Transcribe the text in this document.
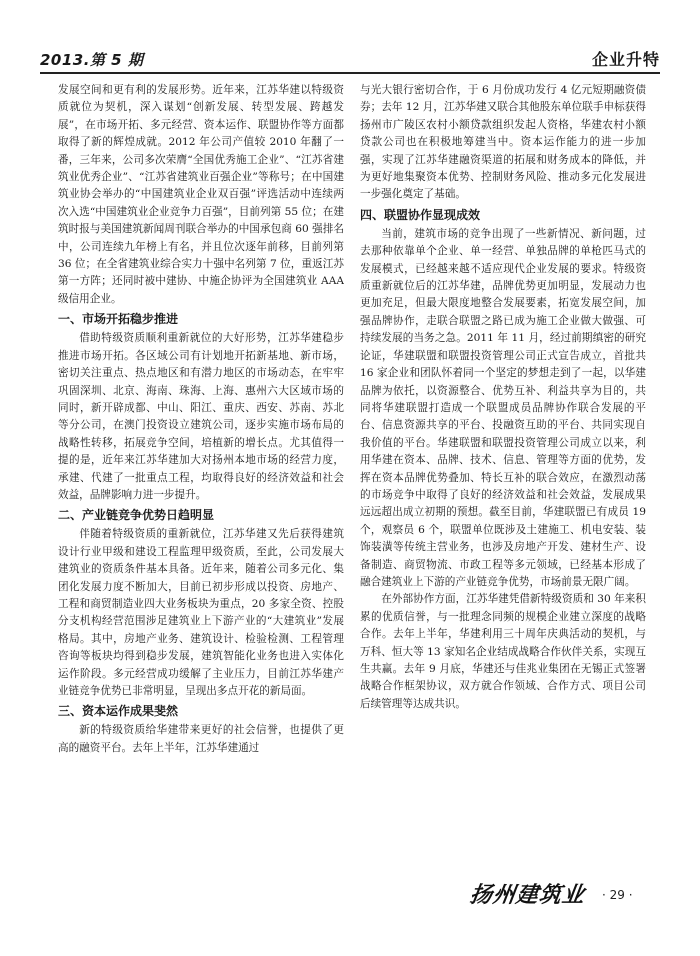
2013.第 5 期	企业升特

发展空间和更有利的发展形势。近年来，江苏华建以特级资质就位为契机，深入谋划“创新发展、转型发展、跨越发展”，在市场开拓、多元经营、资本运作、联盟协作等方面都取得了新的辉煌成就。2012 年公司产值较 2010 年翻了一番，三年来，公司多次荣膺“全国优秀施工企业”、“江苏省建筑业优秀企业”、“江苏省建筑业百强企业”等称号；在中国建筑业协会举办的“中国建筑业企业双百强”评选活动中连续两次入选“中国建筑业企业竞争力百强”，目前列第 55 位；在建筑时报与美国建筑新闻周刊联合举办的中国承包商 60 强排名中，公司连续九年榜上有名，并且位次逐年前移，目前列第 36 位；在全省建筑业综合实力十强中名列第 7 位，重返江苏第一方阵；还同时被中建协、中施企协评为全国建筑业 AAA 级信用企业。

一、市场开拓稳步推进

借助特级资质顺利重新就位的大好形势，江苏华建稳步推进市场开拓。各区域公司有计划地开拓新基地、新市场，密切关注重点、热点地区和有潜力地区的市场动态，在牢牢巩固深圳、北京、海南、珠海、上海、惠州六大区域市场的同时，新开辟成都、中山、阳江、重庆、西安、苏南、苏北等分公司，在澳门投资设立建筑公司，逐步实施市场布局的战略性转移，拓展竞争空间，培植新的增长点。尤其值得一提的是，近年来江苏华建加大对扬州本地市场的经营力度，承建、代建了一批重点工程，均取得良好的经济效益和社会效益，品牌影响力进一步提升。

二、产业链竞争优势日趋明显

伴随着特级资质的重新就位，江苏华建又先后获得建筑设计行业甲级和建设工程监理甲级资质，至此，公司发展大建筑业的资质条件基本具备。近年来，随着公司多元化、集团化发展力度不断加大，目前已初步形成以投资、房地产、工程和商贸制造业四大业务板块为重点，20 多家全资、控股分支机构经营范围涉足建筑业上下游产业的“大建筑业”发展格局。其中，房地产业务、建筑设计、检验检测、工程管理咨询等板块均得到稳步发展，建筑智能化业务也进入实体化运作阶段。多元经营成功缓解了主业压力，目前江苏华建产业链竞争优势已非常明显，呈现出多点开花的新局面。

三、资本运作成果斐然

新的特级资质给华建带来更好的社会信誉，也提供了更高的融资平台。去年上半年，江苏华建通过

与光大银行密切合作，于 6 月份成功发行 4 亿元短期融资债券；去年 12 月，江苏华建又联合其他股东单位联手申标获得扬州市广陵区农村小额贷款组织发起人资格，华建农村小额贷款公司也在积极地筹建当中。资本运作能力的进一步加强，实现了江苏华建融资渠道的拓展和财务成本的降低，并为更好地集聚资本优势、控制财务风险、推动多元化发展进一步强化奠定了基础。

四、联盟协作显现成效

当前，建筑市场的竞争出现了一些新情况、新问题，过去那种依靠单个企业、单一经营、单独品牌的单枪匹马式的发展模式，已经越来越不适应现代企业发展的要求。特级资质重新就位后的江苏华建，品牌优势更加明显，发展动力也更加充足，但最大限度地整合发展要素，拓宽发展空间，加强品牌协作，走联合联盟之路已成为施工企业做大做强、可持续发展的当务之急。2011 年 11 月，经过前期缜密的研究论证，华建联盟和联盟投资管理公司正式宣告成立，首批共 16 家企业和团队怀着同一个坚定的梦想走到了一起，以华建品牌为依托，以资源整合、优势互补、利益共享为目的，共同将华建联盟打造成一个联盟成员品牌协作联合发展的平台、信息资源共享的平台、投融资互助的平台、共同实现自我价值的平台。华建联盟和联盟投资管理公司成立以来，利用华建在资本、品牌、技术、信息、管理等方面的优势，发挥在资本品牌优势叠加、特长互补的联合效应，在激烈动荡的市场竞争中取得了良好的经济效益和社会效益，发展成果远远超出成立初期的预想。截至目前，华建联盟已有成员 19 个，观察员 6 个，联盟单位既涉及土建施工、机电安装、装饰装潢等传统主营业务，也涉及房地产开发、建材生产、设备制造、商贸物流、市政工程等多元领域，已经基本形成了融合建筑业上下游的产业链竞争优势，市场前景无限广阔。

在外部协作方面，江苏华建凭借新特级资质和 30 年来积累的优质信誉，与一批理念同频的规模企业建立深度的战略合作。去年上半年，华建利用三十周年庆典活动的契机，与万科、恒大等 13 家知名企业结成战略合作伙伴关系，实现互生共赢。去年 9 月底，华建还与佳兆业集团在无锡正式签署战略合作框架协议，双方就合作领域、合作方式、项目公司后续管理等达成共识。

扬州建筑业	· 29 ·
